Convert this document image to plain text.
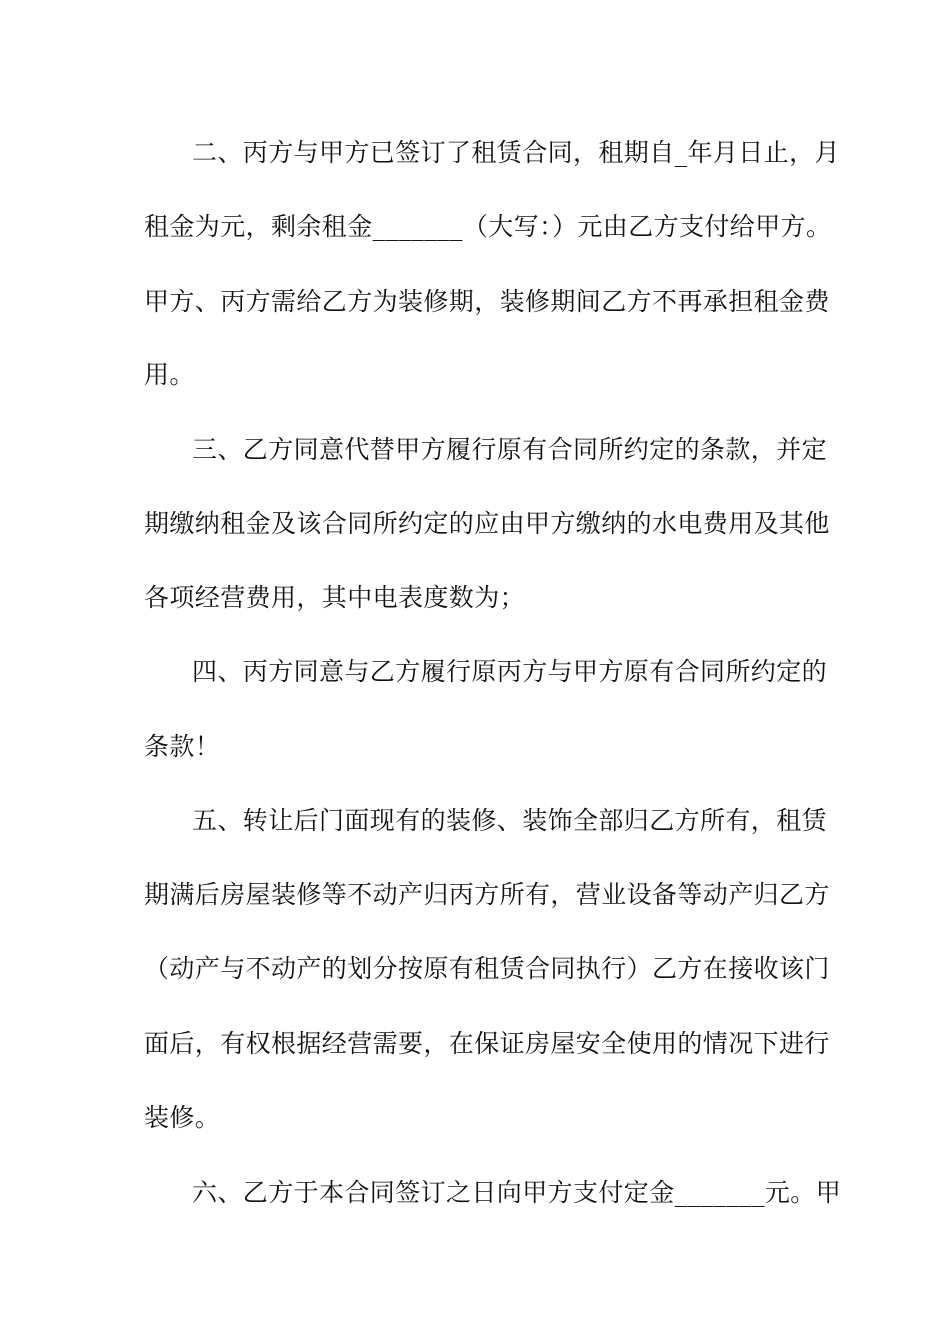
二、丙方与甲方已签订了租赁合同，租期自_年月日止，月
租金为元，剩余租金_______（大写：）元由乙方支付给甲方。
甲方、丙方需给乙方为装修期，装修期间乙方不再承担租金费
用。
三、乙方同意代替甲方履行原有合同所约定的条款，并定
期缴纳租金及该合同所约定的应由甲方缴纳的水电费用及其他
各项经营费用，其中电表度数为；
四、丙方同意与乙方履行原丙方与甲方原有合同所约定的
条款！
五、转让后门面现有的装修、装饰全部归乙方所有，租赁
期满后房屋装修等不动产归丙方所有，营业设备等动产归乙方
（动产与不动产的划分按原有租赁合同执行）乙方在接收该门
面后，有权根据经营需要，在保证房屋安全使用的情况下进行
装修。
六、乙方于本合同签订之日向甲方支付定金_______元。甲
